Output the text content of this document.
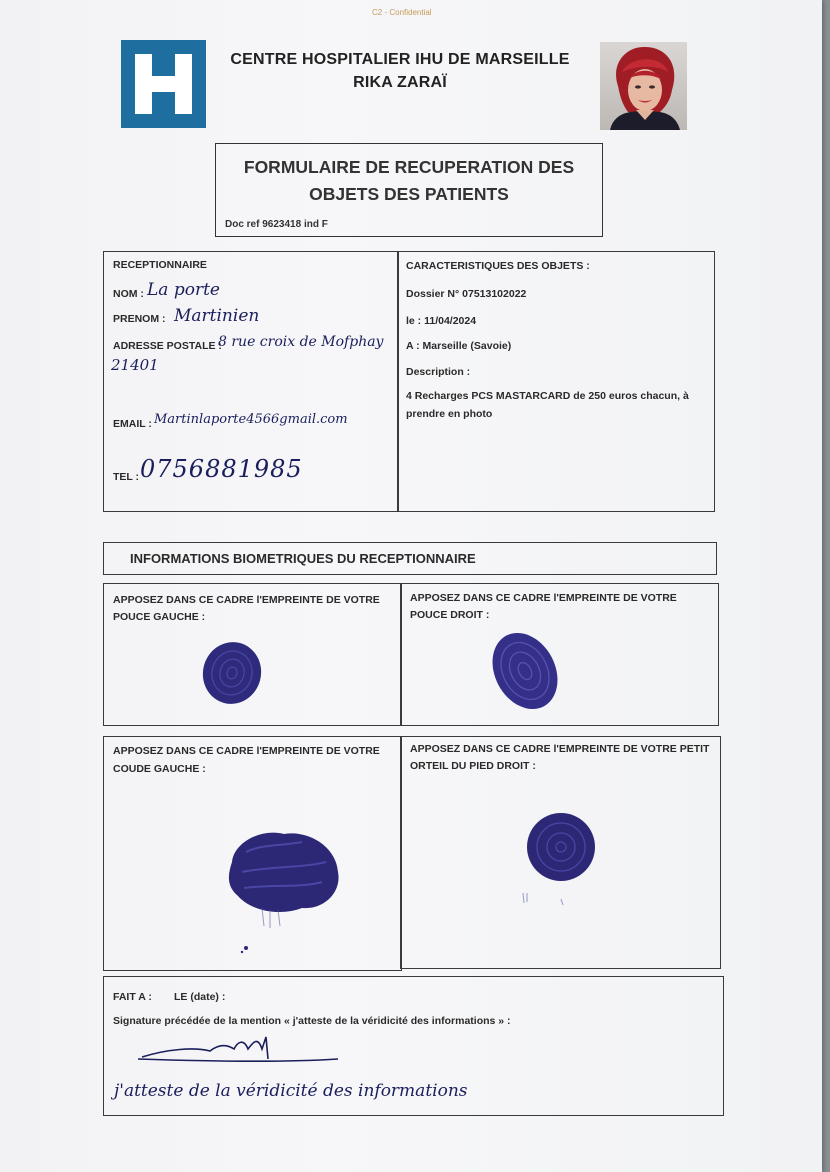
C2 - Confidential
CENTRE HOSPITALIER IHU DE MARSEILLE
RIKA ZARAÏ
FORMULAIRE DE RECUPERATION DES
OBJETS DES PATIENTS
Doc ref 9623418 ind F
RECEPTIONNAIRE
NOM : La porte
PRENOM : Martinien
ADRESSE POSTALE :
8 rue croix de Mofphay
21401
EMAIL : Martinlaporte4566gmail.com
TEL : 0756881985
CARACTERISTIQUES DES OBJETS :
Dossier N° 07513102022
le : 11/04/2024
A : Marseille (Savoie)
Description :
4 Recharges PCS MASTARCARD de 250 euros chacun, à
prendre en photo
INFORMATIONS BIOMETRIQUES DU RECEPTIONNAIRE
APPOSEZ DANS CE CADRE l'EMPREINTE DE VOTRE
POUCE GAUCHE :
APPOSEZ DANS CE CADRE l'EMPREINTE DE VOTRE
POUCE DROIT :
APPOSEZ DANS CE CADRE l'EMPREINTE DE VOTRE
COUDE GAUCHE :
APPOSEZ DANS CE CADRE l'EMPREINTE DE VOTRE PETIT
ORTEIL DU PIED DROIT :
FAIT A : LE (date) :
Signature précédée de la mention « j'atteste de la véridicité des informations » :
j'atteste de la véridicité des informations
